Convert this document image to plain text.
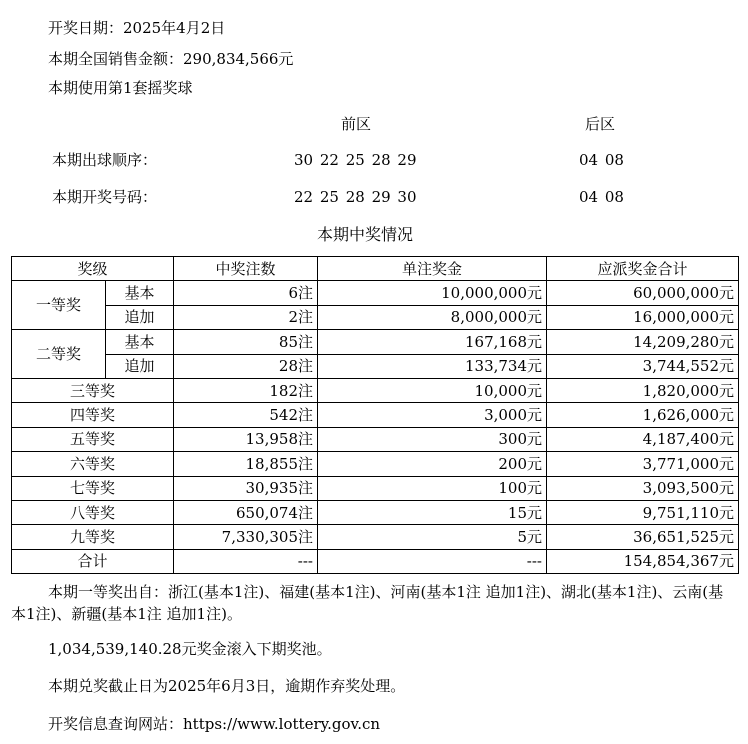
开奖日期：2025年4月2日
本期全国销售金额：290,834,566元
本期使用第1套摇奖球
前区	后区
本期出球顺序：	30 22 25 28 29	04 08
本期开奖号码：	22 25 28 29 30	04 08
本期中奖情况
奖级		中奖注数	单注奖金	应派奖金合计
一等奖	基本	6注	10,000,000元	60,000,000元
	追加	2注	8,000,000元	16,000,000元
二等奖	基本	85注	167,168元	14,209,280元
	追加	28注	133,734元	3,744,552元
三等奖		182注	10,000元	1,820,000元
四等奖		542注	3,000元	1,626,000元
五等奖		13,958注	300元	4,187,400元
六等奖		18,855注	200元	3,771,000元
七等奖		30,935注	100元	3,093,500元
八等奖		650,074注	15元	9,751,110元
九等奖		7,330,305注	5元	36,651,525元
合计		---	---	154,854,367元
本期一等奖出自：浙江(基本1注)、福建(基本1注)、河南(基本1注 追加1注)、湖北(基本1注)、云南(基本1注)、新疆(基本1注 追加1注)。
1,034,539,140.28元奖金滚入下期奖池。
本期兑奖截止日为2025年6月3日，逾期作弃奖处理。
开奖信息查询网站：https://www.lottery.gov.cn
